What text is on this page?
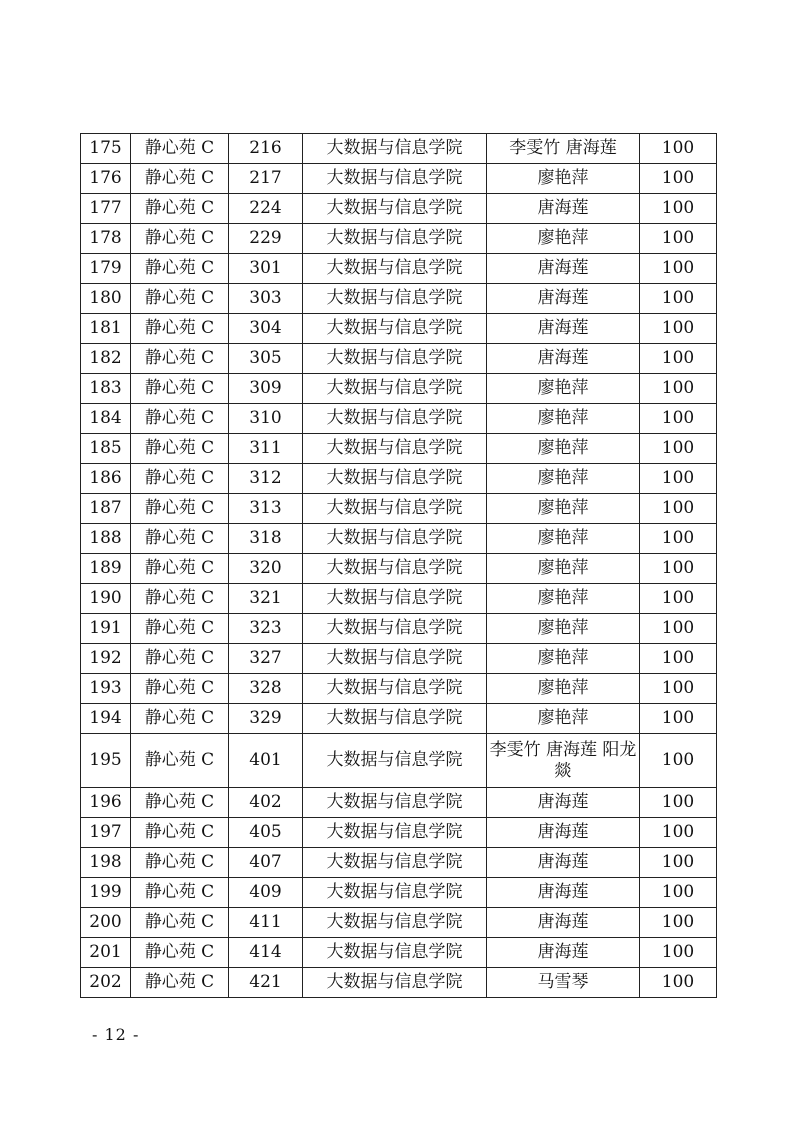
175	静心苑 C	216	大数据与信息学院	李雯竹 唐海莲	100
176	静心苑 C	217	大数据与信息学院	廖艳萍	100
177	静心苑 C	224	大数据与信息学院	唐海莲	100
178	静心苑 C	229	大数据与信息学院	廖艳萍	100
179	静心苑 C	301	大数据与信息学院	唐海莲	100
180	静心苑 C	303	大数据与信息学院	唐海莲	100
181	静心苑 C	304	大数据与信息学院	唐海莲	100
182	静心苑 C	305	大数据与信息学院	唐海莲	100
183	静心苑 C	309	大数据与信息学院	廖艳萍	100
184	静心苑 C	310	大数据与信息学院	廖艳萍	100
185	静心苑 C	311	大数据与信息学院	廖艳萍	100
186	静心苑 C	312	大数据与信息学院	廖艳萍	100
187	静心苑 C	313	大数据与信息学院	廖艳萍	100
188	静心苑 C	318	大数据与信息学院	廖艳萍	100
189	静心苑 C	320	大数据与信息学院	廖艳萍	100
190	静心苑 C	321	大数据与信息学院	廖艳萍	100
191	静心苑 C	323	大数据与信息学院	廖艳萍	100
192	静心苑 C	327	大数据与信息学院	廖艳萍	100
193	静心苑 C	328	大数据与信息学院	廖艳萍	100
194	静心苑 C	329	大数据与信息学院	廖艳萍	100
195	静心苑 C	401	大数据与信息学院	李雯竹 唐海莲 阳龙燚	100
196	静心苑 C	402	大数据与信息学院	唐海莲	100
197	静心苑 C	405	大数据与信息学院	唐海莲	100
198	静心苑 C	407	大数据与信息学院	唐海莲	100
199	静心苑 C	409	大数据与信息学院	唐海莲	100
200	静心苑 C	411	大数据与信息学院	唐海莲	100
201	静心苑 C	414	大数据与信息学院	唐海莲	100
202	静心苑 C	421	大数据与信息学院	马雪琴	100
- 12 -
